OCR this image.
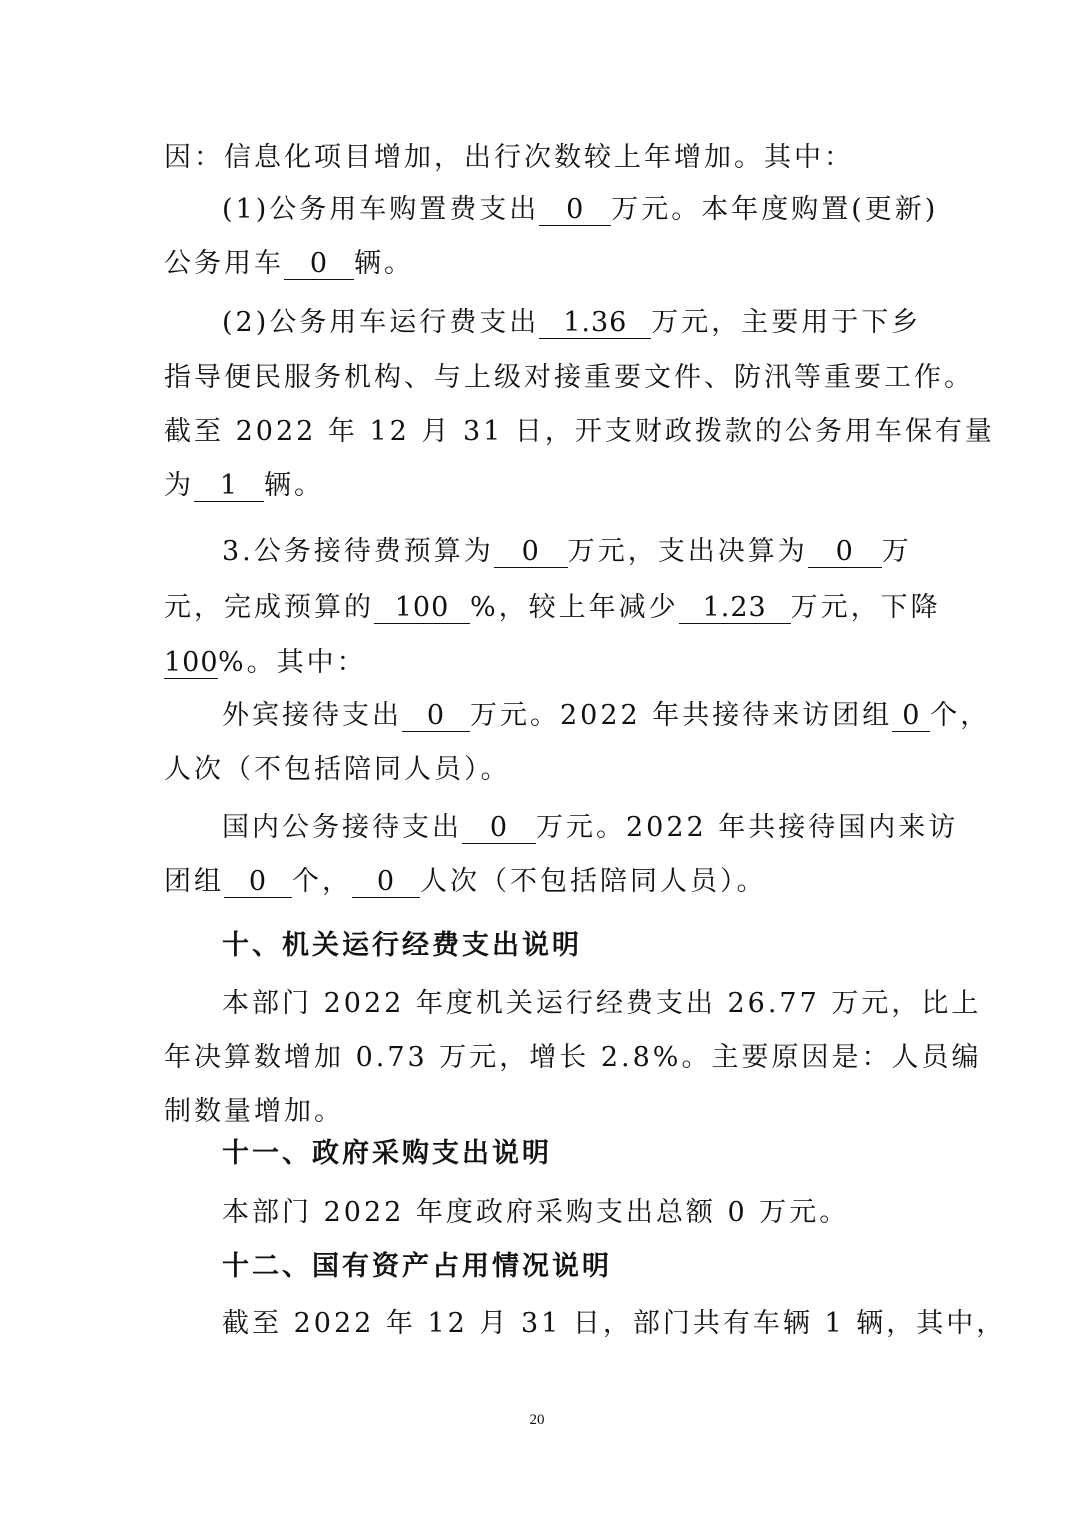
因：信息化项目增加，出行次数较上年增加。其中：
(1)公务用车购置费支出 0 万元。本年度购置(更新)
公务用车 0 辆。
(2)公务用车运行费支出 1.36 万元，主要用于下乡
指导便民服务机构、与上级对接重要文件、防汛等重要工作。
截至 2022 年 12 月 31 日，开支财政拨款的公务用车保有量
为 1 辆。
3.公务接待费预算为 0 万元，支出决算为 0 万
元，完成预算的 100 %，较上年减少 1.23 万元，下降
100%。其中：
外宾接待支出 0 万元。2022 年共接待来访团组 0 个，
人次（不包括陪同人员）。
国内公务接待支出 0 万元。2022 年共接待国内来访
团组 0 个， 0 人次（不包括陪同人员）。
十、机关运行经费支出说明
本部门 2022 年度机关运行经费支出 26.77 万元，比上
年决算数增加 0.73 万元，增长 2.8%。主要原因是：人员编
制数量增加。
十一、政府采购支出说明
本部门 2022 年度政府采购支出总额 0 万元。
十二、国有资产占用情况说明
截至 2022 年 12 月 31 日，部门共有车辆 1 辆，其中，
20
